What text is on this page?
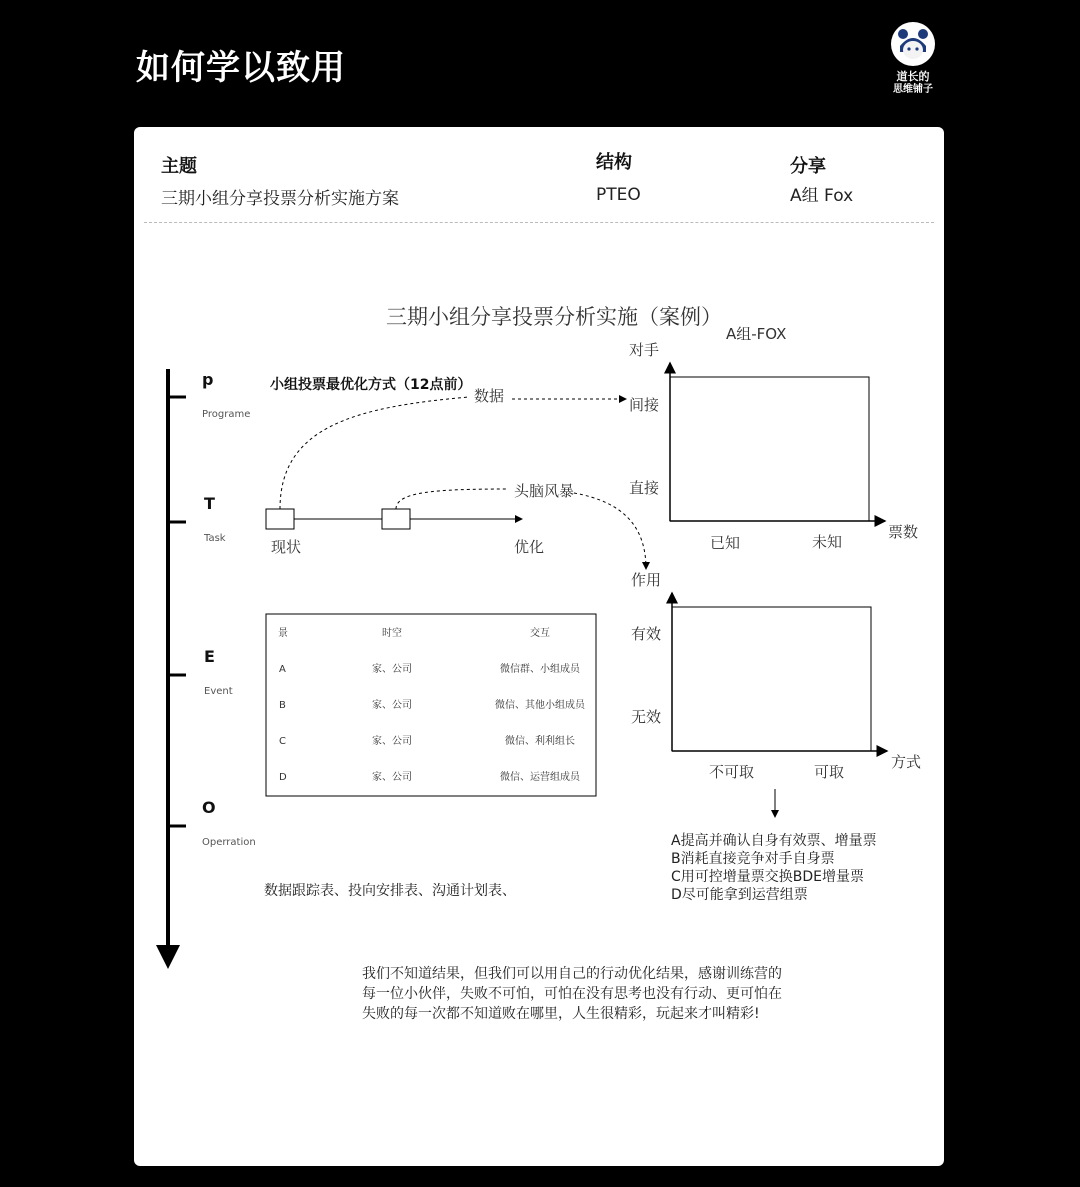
如何学以致用	道长的
思维铺子
主题
三期小组分享投票分析实施方案
结构
PTEO
分享
A组 Fox
三期小组分享投票分析实施（案例）
A组-FOX
p
Programe
T
Task
E
Event
O
Operration
小组投票最优化方式（12点前）
数据
现状	优化
头脑风暴
对手
间接
直接
已知	未知
票数
作用
有效
无效
不可取	可取
方式
A提高并确认自身有效票、增量票
B消耗直接竞争对手自身票
C用可控增量票交换BDE增量票
D尽可能拿到运营组票
景	时空	交互
A	家、公司	微信群、小组成员
B	家、公司	微信、其他小组成员
C	家、公司	微信、利利组长
D	家、公司	微信、运营组成员
数据跟踪表、投向安排表、沟通计划表、
我们不知道结果，但我们可以用自己的行动优化结果，感谢训练营的
每一位小伙伴，失败不可怕，可怕在没有思考也没有行动、更可怕在
失败的每一次都不知道败在哪里，人生很精彩，玩起来才叫精彩!
